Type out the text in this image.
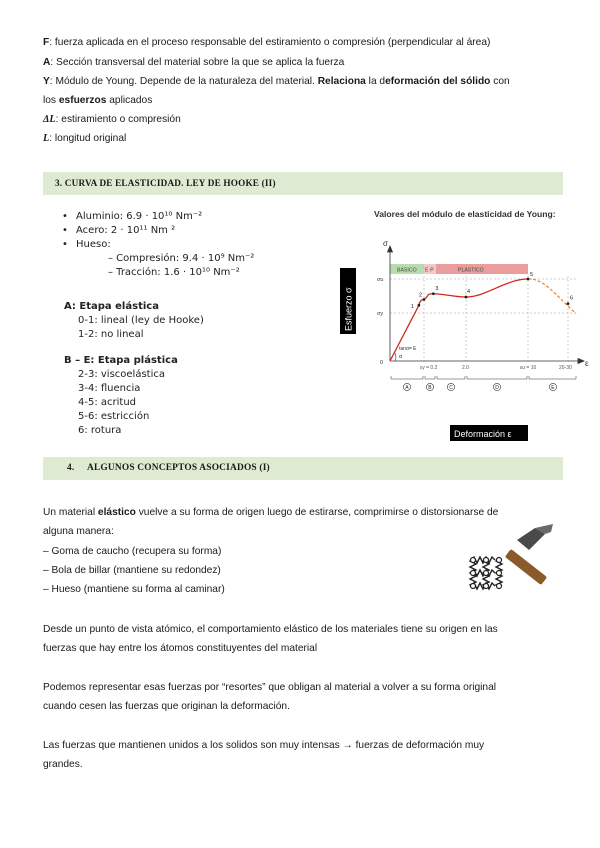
F: fuerza aplicada en el proceso responsable del estiramiento o compresión (perpendicular al área)
A: Sección transversal del material sobre la que se aplica la fuerza
Y: Módulo de Young. Depende de la naturaleza del material. Relaciona la deformación del sólido con
los esfuerzos aplicados
ΔL: estiramiento o compresión
L: longitud original
3. CURVA DE ELASTICIDAD. LEY DE HOOKE (II)
• Aluminio: 6.9 · 10¹⁰ Nm⁻²
• Acero: 2 · 10¹¹ Nm ²
• Hueso:
– Compresión: 9.4 · 10⁹ Nm⁻²
– Tracción: 1.6 · 10¹⁰ Nm⁻²
A: Etapa elástica
0-1: lineal (ley de Hooke)
1-2: no lineal
B – E: Etapa plástica
2-3: viscoelástica
3-4: fluencia
4-5: acritud
5-6: estricción
6: rotura
Valores del módulo de elasticidad de Young:
BÁSICO E·P	PLÁSTICO
σ
ε
σu
σy
0
εy = 0.2	2.0	εu = 10	20-30
tanα= E
α
1
2
3
4
5
6
A	B	C	D	E
Esfuerzo σ
Deformación ε
4. ALGUNOS CONCEPTOS ASOCIADOS (I)
Un material elástico vuelve a su forma de origen luego de estirarse, comprimirse o distorsionarse de
alguna manera:
– Goma de caucho (recupera su forma)
– Bola de billar (mantiene su redondez)
– Hueso (mantiene su forma al caminar)
Desde un punto de vista atómico, el comportamiento elástico de los materiales tiene su origen en las
fuerzas que hay entre los átomos constituyentes del material
Podemos representar esas fuerzas por “resortes” que obligan al material a volver a su forma original
cuando cesen las fuerzas que originan la deformación.
Las fuerzas que mantienen unidos a los solidos son muy intensas → fuerzas de deformación muy
grandes.
